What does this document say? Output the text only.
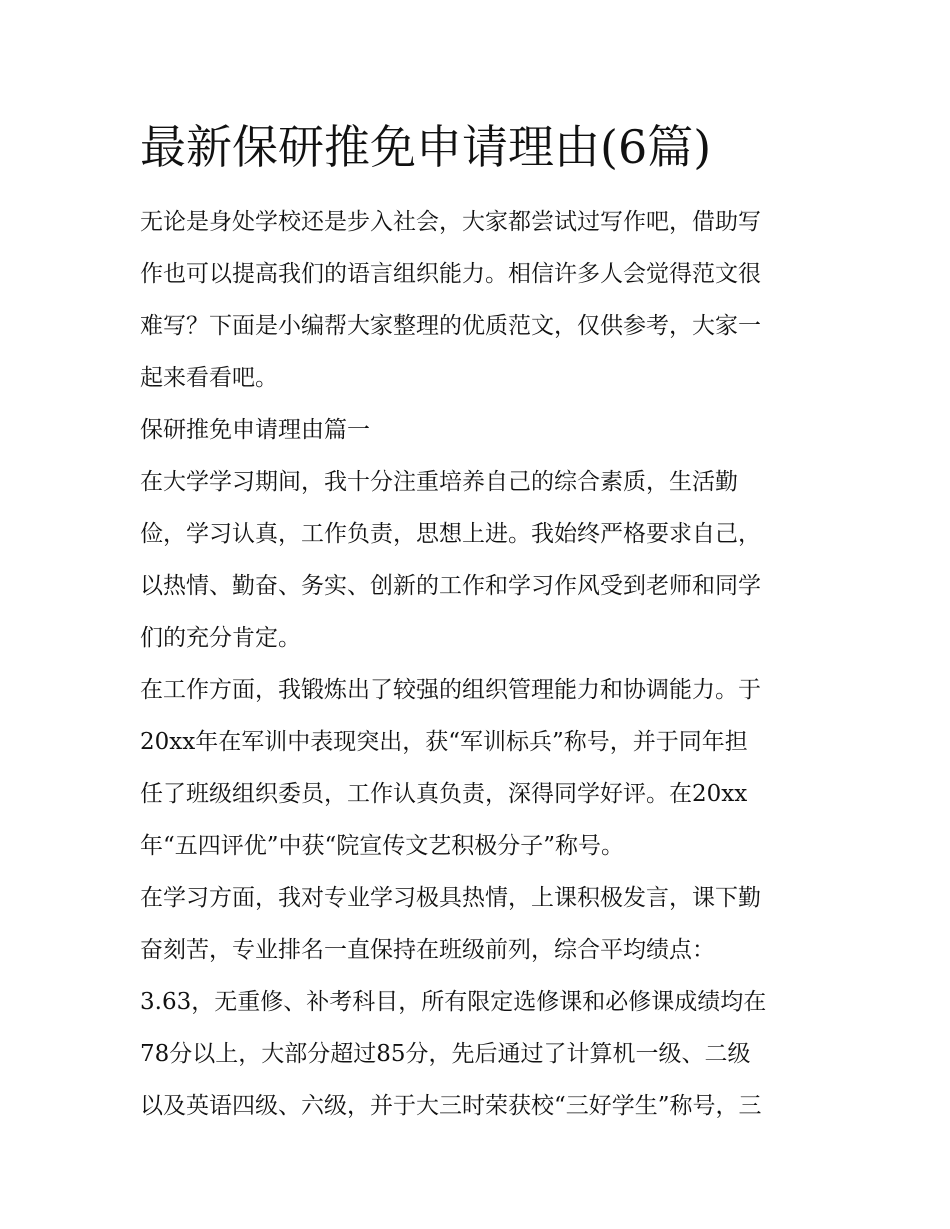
最新保研推免申请理由(6篇)
无论是身处学校还是步入社会，大家都尝试过写作吧，借助写
作也可以提高我们的语言组织能力。相信许多人会觉得范文很
难写？下面是小编帮大家整理的优质范文，仅供参考，大家一
起来看看吧。
保研推免申请理由篇一
在大学学习期间，我十分注重培养自己的综合素质，生活勤
俭，学习认真，工作负责，思想上进。我始终严格要求自己，
以热情、勤奋、务实、创新的工作和学习作风受到老师和同学
们的充分肯定。
在工作方面，我锻炼出了较强的组织管理能力和协调能力。于
20xx年在军训中表现突出，获“军训标兵”称号，并于同年担
任了班级组织委员，工作认真负责，深得同学好评。在20xx
年“五四评优”中获“院宣传文艺积极分子”称号。
在学习方面，我对专业学习极具热情，上课积极发言，课下勤
奋刻苦，专业排名一直保持在班级前列，综合平均绩点：
3.63，无重修、补考科目，所有限定选修课和必修课成绩均在
78分以上，大部分超过85分，先后通过了计算机一级、二级
以及英语四级、六级，并于大三时荣获校“三好学生”称号，三
